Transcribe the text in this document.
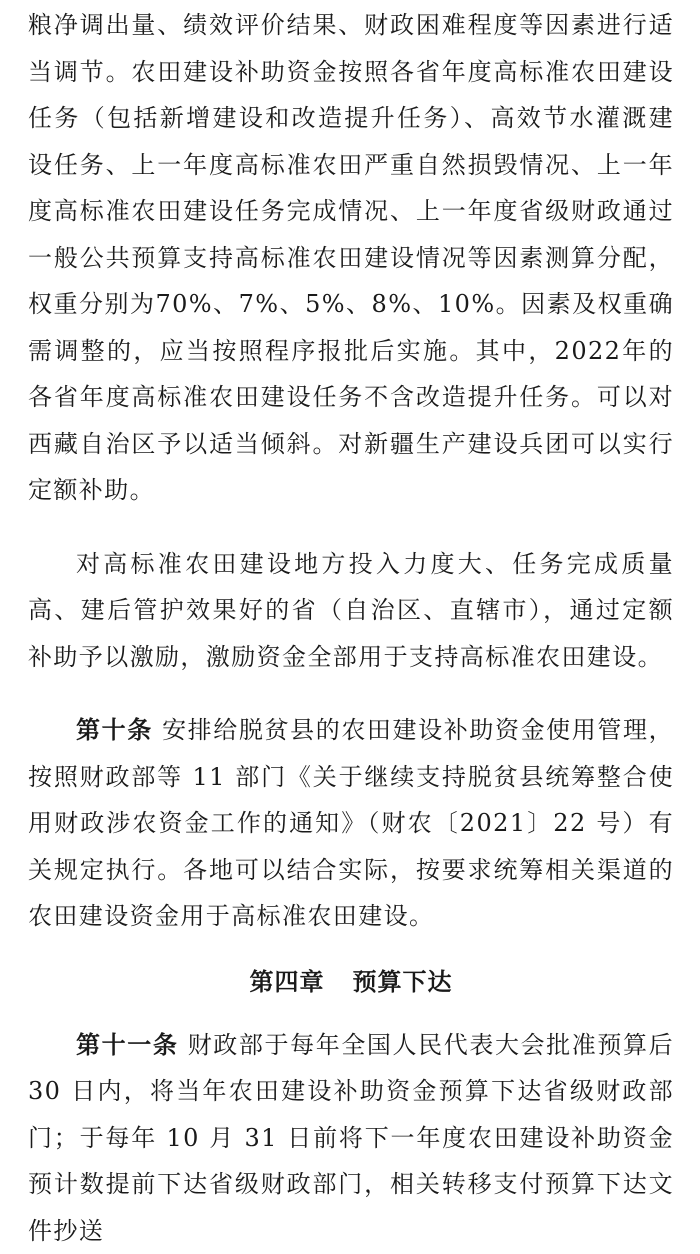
粮净调出量、绩效评价结果、财政困难程度等因素进行适当调节。农田建设补助资金按照各省年度高标准农田建设任务（包括新增建设和改造提升任务）、高效节水灌溉建设任务、上一年度高标准农田严重自然损毁情况、上一年度高标准农田建设任务完成情况、上一年度省级财政通过一般公共预算支持高标准农田建设情况等因素测算分配，权重分别为70%、7%、5%、8%、10%。因素及权重确需调整的，应当按照程序报批后实施。其中，2022年的各省年度高标准农田建设任务不含改造提升任务。可以对西藏自治区予以适当倾斜。对新疆生产建设兵团可以实行定额补助。

对高标准农田建设地方投入力度大、任务完成质量高、建后管护效果好的省（自治区、直辖市），通过定额补助予以激励，激励资金全部用于支持高标准农田建设。

第十条 安排给脱贫县的农田建设补助资金使用管理，按照财政部等 11 部门《关于继续支持脱贫县统筹整合使用财政涉农资金工作的通知》（财农〔2021〕22 号）有关规定执行。各地可以结合实际，按要求统筹相关渠道的农田建设资金用于高标准农田建设。

第四章 预算下达

第十一条 财政部于每年全国人民代表大会批准预算后 30 日内，将当年农田建设补助资金预算下达省级财政部门；于每年 10 月 31 日前将下一年度农田建设补助资金预计数提前下达省级财政部门，相关转移支付预算下达文件抄送
